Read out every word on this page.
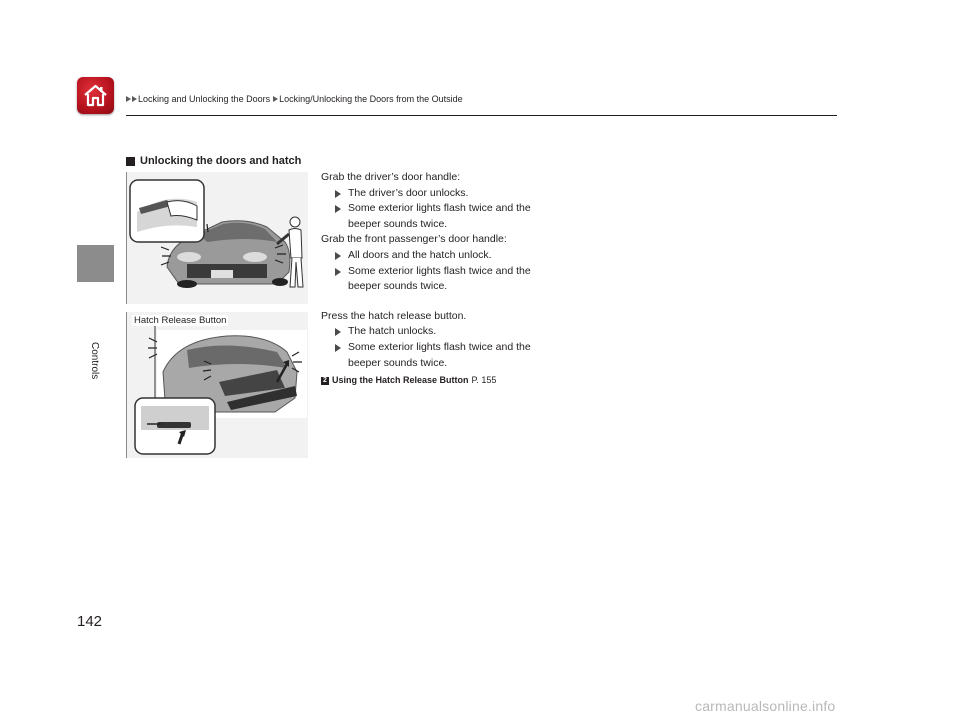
Locking and Unlocking the Doors Locking/Unlocking the Doors from the Outside
Controls
Unlocking the doors and hatch
Hatch Release Button
Grab the driver’s door handle:
The driver’s door unlocks.
Some exterior lights flash twice and the
beeper sounds twice.
Grab the front passenger’s door handle:
All doors and the hatch unlock.
Some exterior lights flash twice and the
beeper sounds twice.
Press the hatch release button.
The hatch unlocks.
Some exterior lights flash twice and the
beeper sounds twice.
2 Using the Hatch Release Button P. 155
142
carmanualsonline.info
